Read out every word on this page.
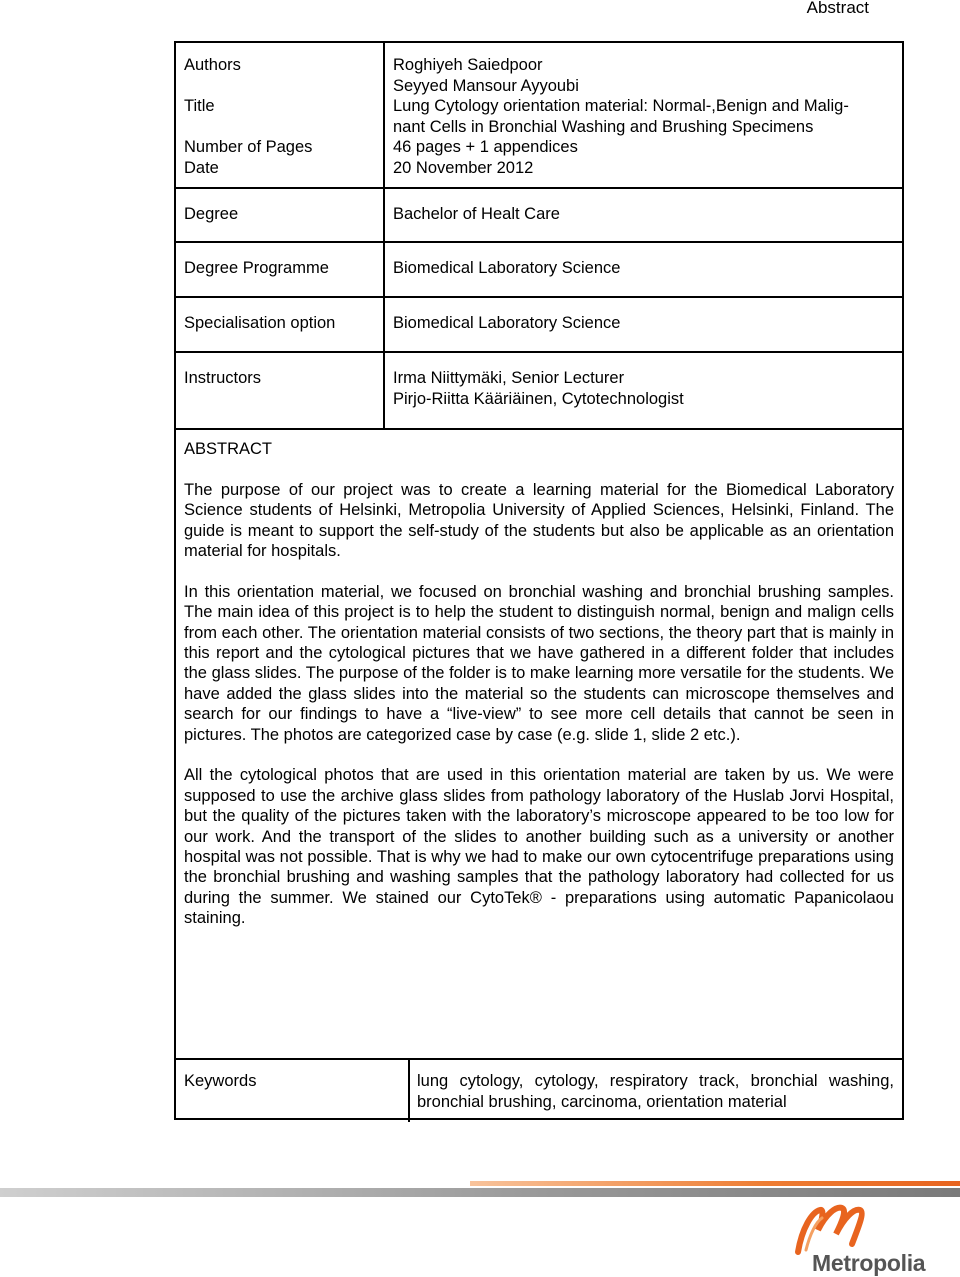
Abstract
Authors	Roghiyeh Saiedpoor
Seyyed Mansour Ayyoubi
Title	Lung Cytology orientation material: Normal-,Benign and Malig-
nant Cells in Bronchial Washing and Brushing Specimens
Number of Pages	46 pages + 1 appendices
Date	20 November 2012
Degree	Bachelor of Healt Care
Degree Programme	Biomedical Laboratory Science
Specialisation option	Biomedical Laboratory Science
Instructors	Irma Niittymäki, Senior Lecturer
Pirjo-Riitta Kääriäinen, Cytotechnologist
ABSTRACT

The purpose of our project was to create a learning material for the Biomedical Laboratory Science students of Helsinki, Metropolia University of Applied Sciences, Helsinki, Finland. The guide is meant to support the self-study of the students but also be applicable as an orientation material for hospitals.

In this orientation material, we focused on bronchial washing and bronchial brushing samples. The main idea of this project is to help the student to distinguish normal, benign and malign cells from each other. The orientation material consists of two sections, the theory part that is mainly in this report and the cytological pictures that we have gathered in a different folder that includes the glass slides. The purpose of the folder is to make learning more versatile for the students. We have added the glass slides into the material so the students can microscope themselves and search for our findings to have a “live-view” to see more cell details that cannot be seen in pictures. The photos are categorized case by case (e.g. slide 1, slide 2 etc.).

All the cytological photos that are used in this orientation material are taken by us. We were supposed to use the archive glass slides from pathology laboratory of the Huslab Jorvi Hospital, but the quality of the pictures taken with the laboratory’s microscope appeared to be too low for our work. And the transport of the slides to another building such as a university or another hospital was not possible. That is why we had to make our own cytocentrifuge preparations using the bronchial brushing and washing samples that the pathology laboratory had collected for us during the summer. We stained our CytoTek® - preparations using automatic Papanicolaou staining.

Keywords	lung cytology, cytology, respiratory track, bronchial washing, bronchial brushing, carcinoma, orientation material
Metropolia
